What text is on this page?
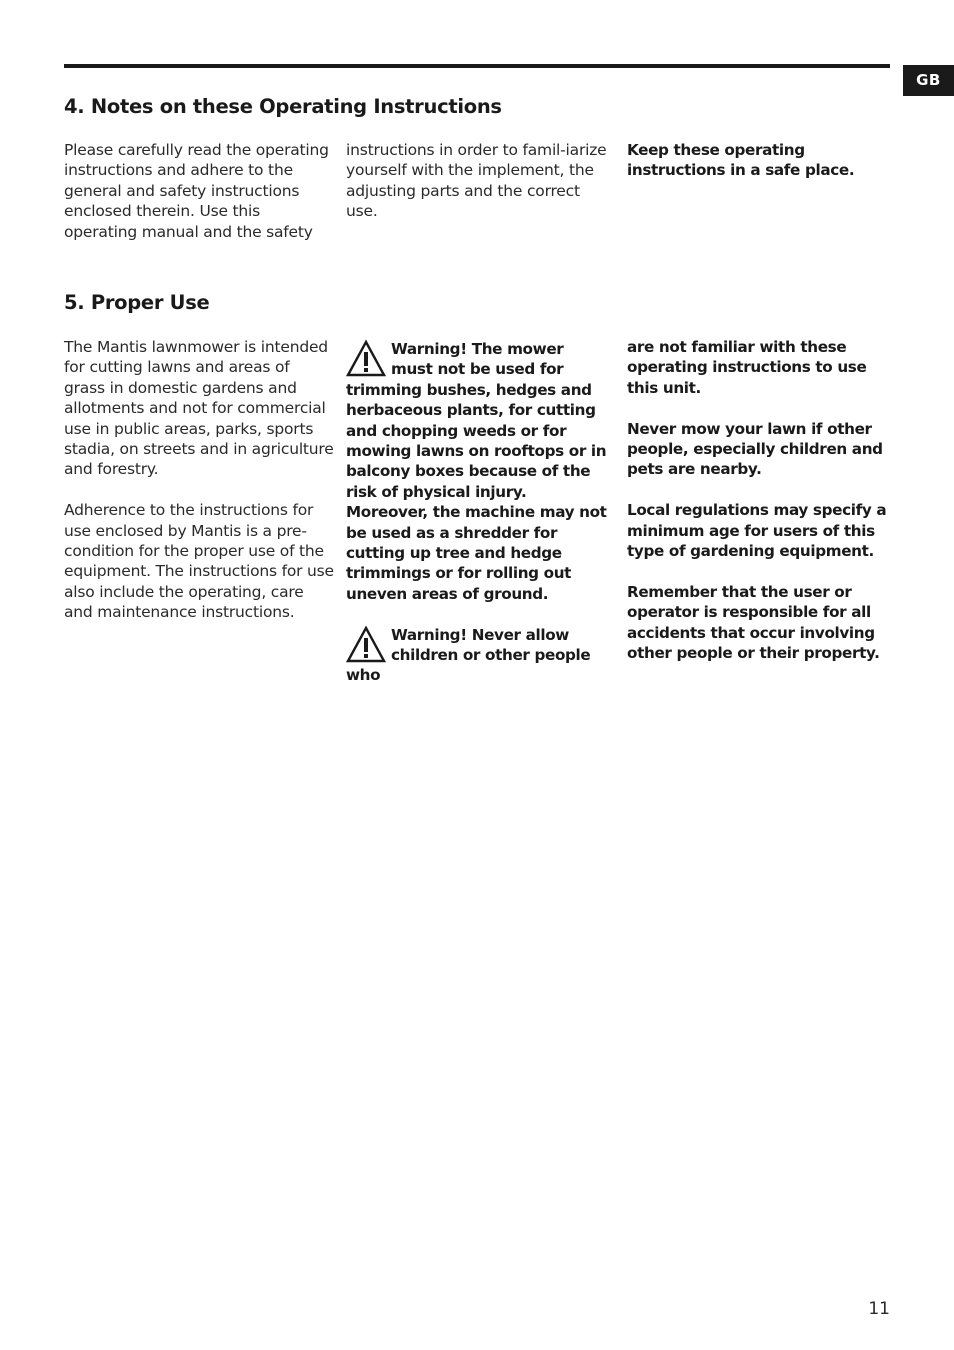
GB
4. Notes on these Operating Instructions

Please carefully read the operating instructions and adhere to the general and safety instructions enclosed therein. Use this operating manual and the safety

instructions in order to famil-iarize yourself with the implement, the adjusting parts and the correct use.

Keep these operating instructions in a safe place.

5. Proper Use

The Mantis lawnmower is intended for cutting lawns and areas of grass in domestic gardens and allotments and not for commercial use in public areas, parks, sports stadia, on streets and in agriculture and forestry.

Adherence to the instructions for use enclosed by Mantis is a pre-condition for the proper use of the equipment. The instructions for use also include the operating, care and maintenance instructions.

Warning! The mower must not be used for trimming bushes, hedges and herbaceous plants, for cutting and chopping weeds or for mowing lawns on rooftops or in balcony boxes because of the risk of physical injury. Moreover, the machine may not be used as a shredder for cutting up tree and hedge trimmings or for rolling out uneven areas of ground.
Warning! Never allow children or other people who

are not familiar with these operating instructions to use this unit.

Never mow your lawn if other people, especially children and pets are nearby.

Local regulations may specify a minimum age for users of this type of gardening equipment.

Remember that the user or operator is responsible for all accidents that occur involving other people or their property.

11
